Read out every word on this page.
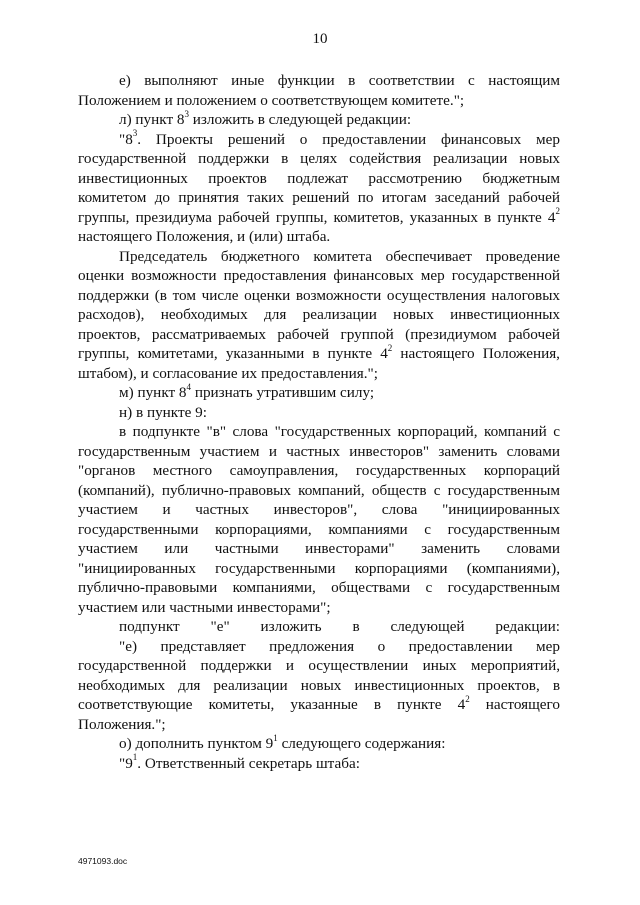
10

е) выполняют иные функции в соответствии с настоящим Положением и положением о соответствующем комитете.";

л) пункт $8^3$ изложить в следующей редакции:

"$8^3$. Проекты решений о предоставлении финансовых мер государственной поддержки в целях содействия реализации новых инвестиционных проектов подлежат рассмотрению бюджетным комитетом до принятия таких решений по итогам заседаний рабочей группы, президиума рабочей группы, комитетов, указанных в пункте $4^2$ настоящего Положения, и (или) штаба.

Председатель бюджетного комитета обеспечивает проведение оценки возможности предоставления финансовых мер государственной поддержки (в том числе оценки возможности осуществления налоговых расходов), необходимых для реализации новых инвестиционных проектов, рассматриваемых рабочей группой (президиумом рабочей группы, комитетами, указанными в пункте $4^2$ настоящего Положения, штабом), и согласование их предоставления.";

м) пункт $8^4$ признать утратившим силу;

н) в пункте 9:

в подпункте "в" слова "государственных корпораций, компаний с государственным участием и частных инвесторов" заменить словами "органов местного самоуправления, государственных корпораций (компаний), публично-правовых компаний, обществ с государственным участием и частных инвесторов", слова "инициированных государственными корпорациями, компаниями с государственным участием или частными инвесторами" заменить словами "инициированных государственными корпорациями (компаниями), публично-правовыми компаниями, обществами с государственным участием или частными инвесторами";

подпункт "е" изложить в следующей редакции:

"е) представляет предложения о предоставлении мер государственной поддержки и осуществлении иных мероприятий, необходимых для реализации новых инвестиционных проектов, в соответствующие комитеты, указанные в пункте $4^2$ настоящего Положения.";

о) дополнить пунктом $9^1$ следующего содержания:

"$9^1$. Ответственный секретарь штаба:

4971093.doc
